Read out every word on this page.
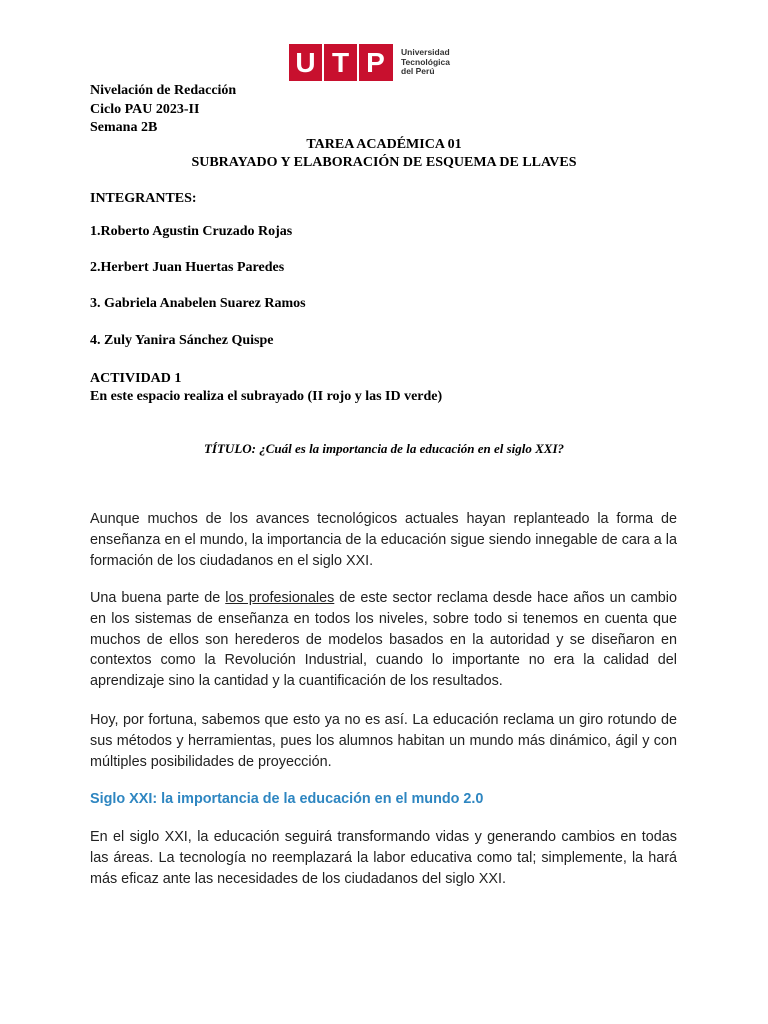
U T P	Universidad
Tecnológica
del Perú
Nivelación de Redacción
Ciclo PAU 2023-II
Semana 2B
TAREA ACADÉMICA 01
SUBRAYADO Y ELABORACIÓN DE ESQUEMA DE LLAVES
INTEGRANTES:
1.Roberto Agustin Cruzado Rojas
2.Herbert Juan Huertas Paredes
3. Gabriela Anabelen Suarez Ramos
4. Zuly Yanira Sánchez Quispe
ACTIVIDAD 1
En este espacio realiza el subrayado (II rojo y las ID verde)
TÍTULO: ¿Cuál es la importancia de la educación en el siglo XXI?
Aunque muchos de los avances tecnológicos actuales hayan replanteado la forma de enseñanza en el mundo, la importancia de la educación sigue siendo innegable de cara a la formación de los ciudadanos en el siglo XXI.
Una buena parte de los profesionales de este sector reclama desde hace años un cambio en los sistemas de enseñanza en todos los niveles, sobre todo si tenemos en cuenta que muchos de ellos son herederos de modelos basados en la autoridad y se diseñaron en contextos como la Revolución Industrial, cuando lo importante no era la calidad del aprendizaje sino la cantidad y la cuantificación de los resultados.
Hoy, por fortuna, sabemos que esto ya no es así. La educación reclama un giro rotundo de sus métodos y herramientas, pues los alumnos habitan un mundo más dinámico, ágil y con múltiples posibilidades de proyección.
Siglo XXI: la importancia de la educación en el mundo 2.0
En el siglo XXI, la educación seguirá transformando vidas y generando cambios en todas las áreas. La tecnología no reemplazará la labor educativa como tal; simplemente, la hará más eficaz ante las necesidades de los ciudadanos del siglo XXI.
